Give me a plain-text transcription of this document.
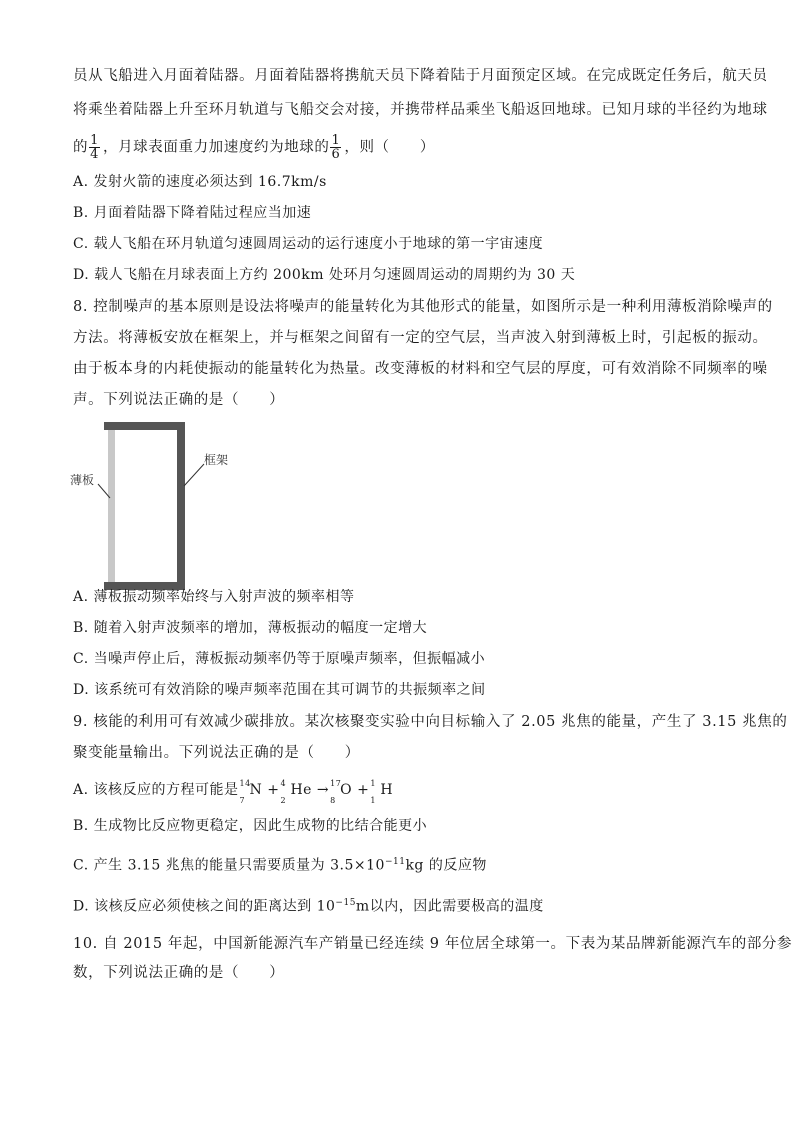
员从飞船进入月面着陆器。月面着陆器将携航天员下降着陆于月面预定区域。在完成既定任务后，航天员
将乘坐着陆器上升至环月轨道与飞船交会对接，并携带样品乘坐飞船返回地球。已知月球的半径约为地球
的 $\frac{1}{4}$ ，月球表面重力加速度约为地球的 $\frac{1}{6}$ ，则（　　）
A. 发射火箭的速度必须达到 16.7km/s
B. 月面着陆器下降着陆过程应当加速
C. 载人飞船在环月轨道匀速圆周运动的运行速度小于地球的第一宇宙速度
D. 载人飞船在月球表面上方约 200km 处环月匀速圆周运动的周期约为 30 天
8. 控制噪声的基本原则是设法将噪声的能量转化为其他形式的能量，如图所示是一种利用薄板消除噪声的
方法。将薄板安放在框架上，并与框架之间留有一定的空气层，当声波入射到薄板上时，引起板的振动。
由于板本身的内耗使振动的能量转化为热量。改变薄板的材料和空气层的厚度，可有效消除不同频率的噪
声。下列说法正确的是（　　）
薄板
框架
A. 薄板振动频率始终与入射声波的频率相等
B. 随着入射声波频率的增加，薄板振动的幅度一定增大
C. 当噪声停止后，薄板振动频率仍等于原噪声频率，但振幅减小
D. 该系统可有效消除的噪声频率范围在其可调节的共振频率之间
9. 核能的利用可有效减少碳排放。某次核聚变实验中向目标输入了 2.05 兆焦的能量，产生了 3.15 兆焦的
聚变能量输出。下列说法正确的是（　　）
A. 该核反应的方程可能是 14
7
N + 4
2
He → 17
8
O + 1
1
H
B. 生成物比反应物更稳定，因此生成物的比结合能更小
C. 产生 3.15 兆焦的能量只需要质量为 $3.5\times 10^{-11}kg$ 的反应物
D. 该核反应必须使核之间的距离达到 $10^{-15}m$以内，因此需要极高的温度
10. 自 2015 年起，中国新能源汽车产销量已经连续 9 年位居全球第一。下表为某品牌新能源汽车的部分参
数，下列说法正确的是（　　）
